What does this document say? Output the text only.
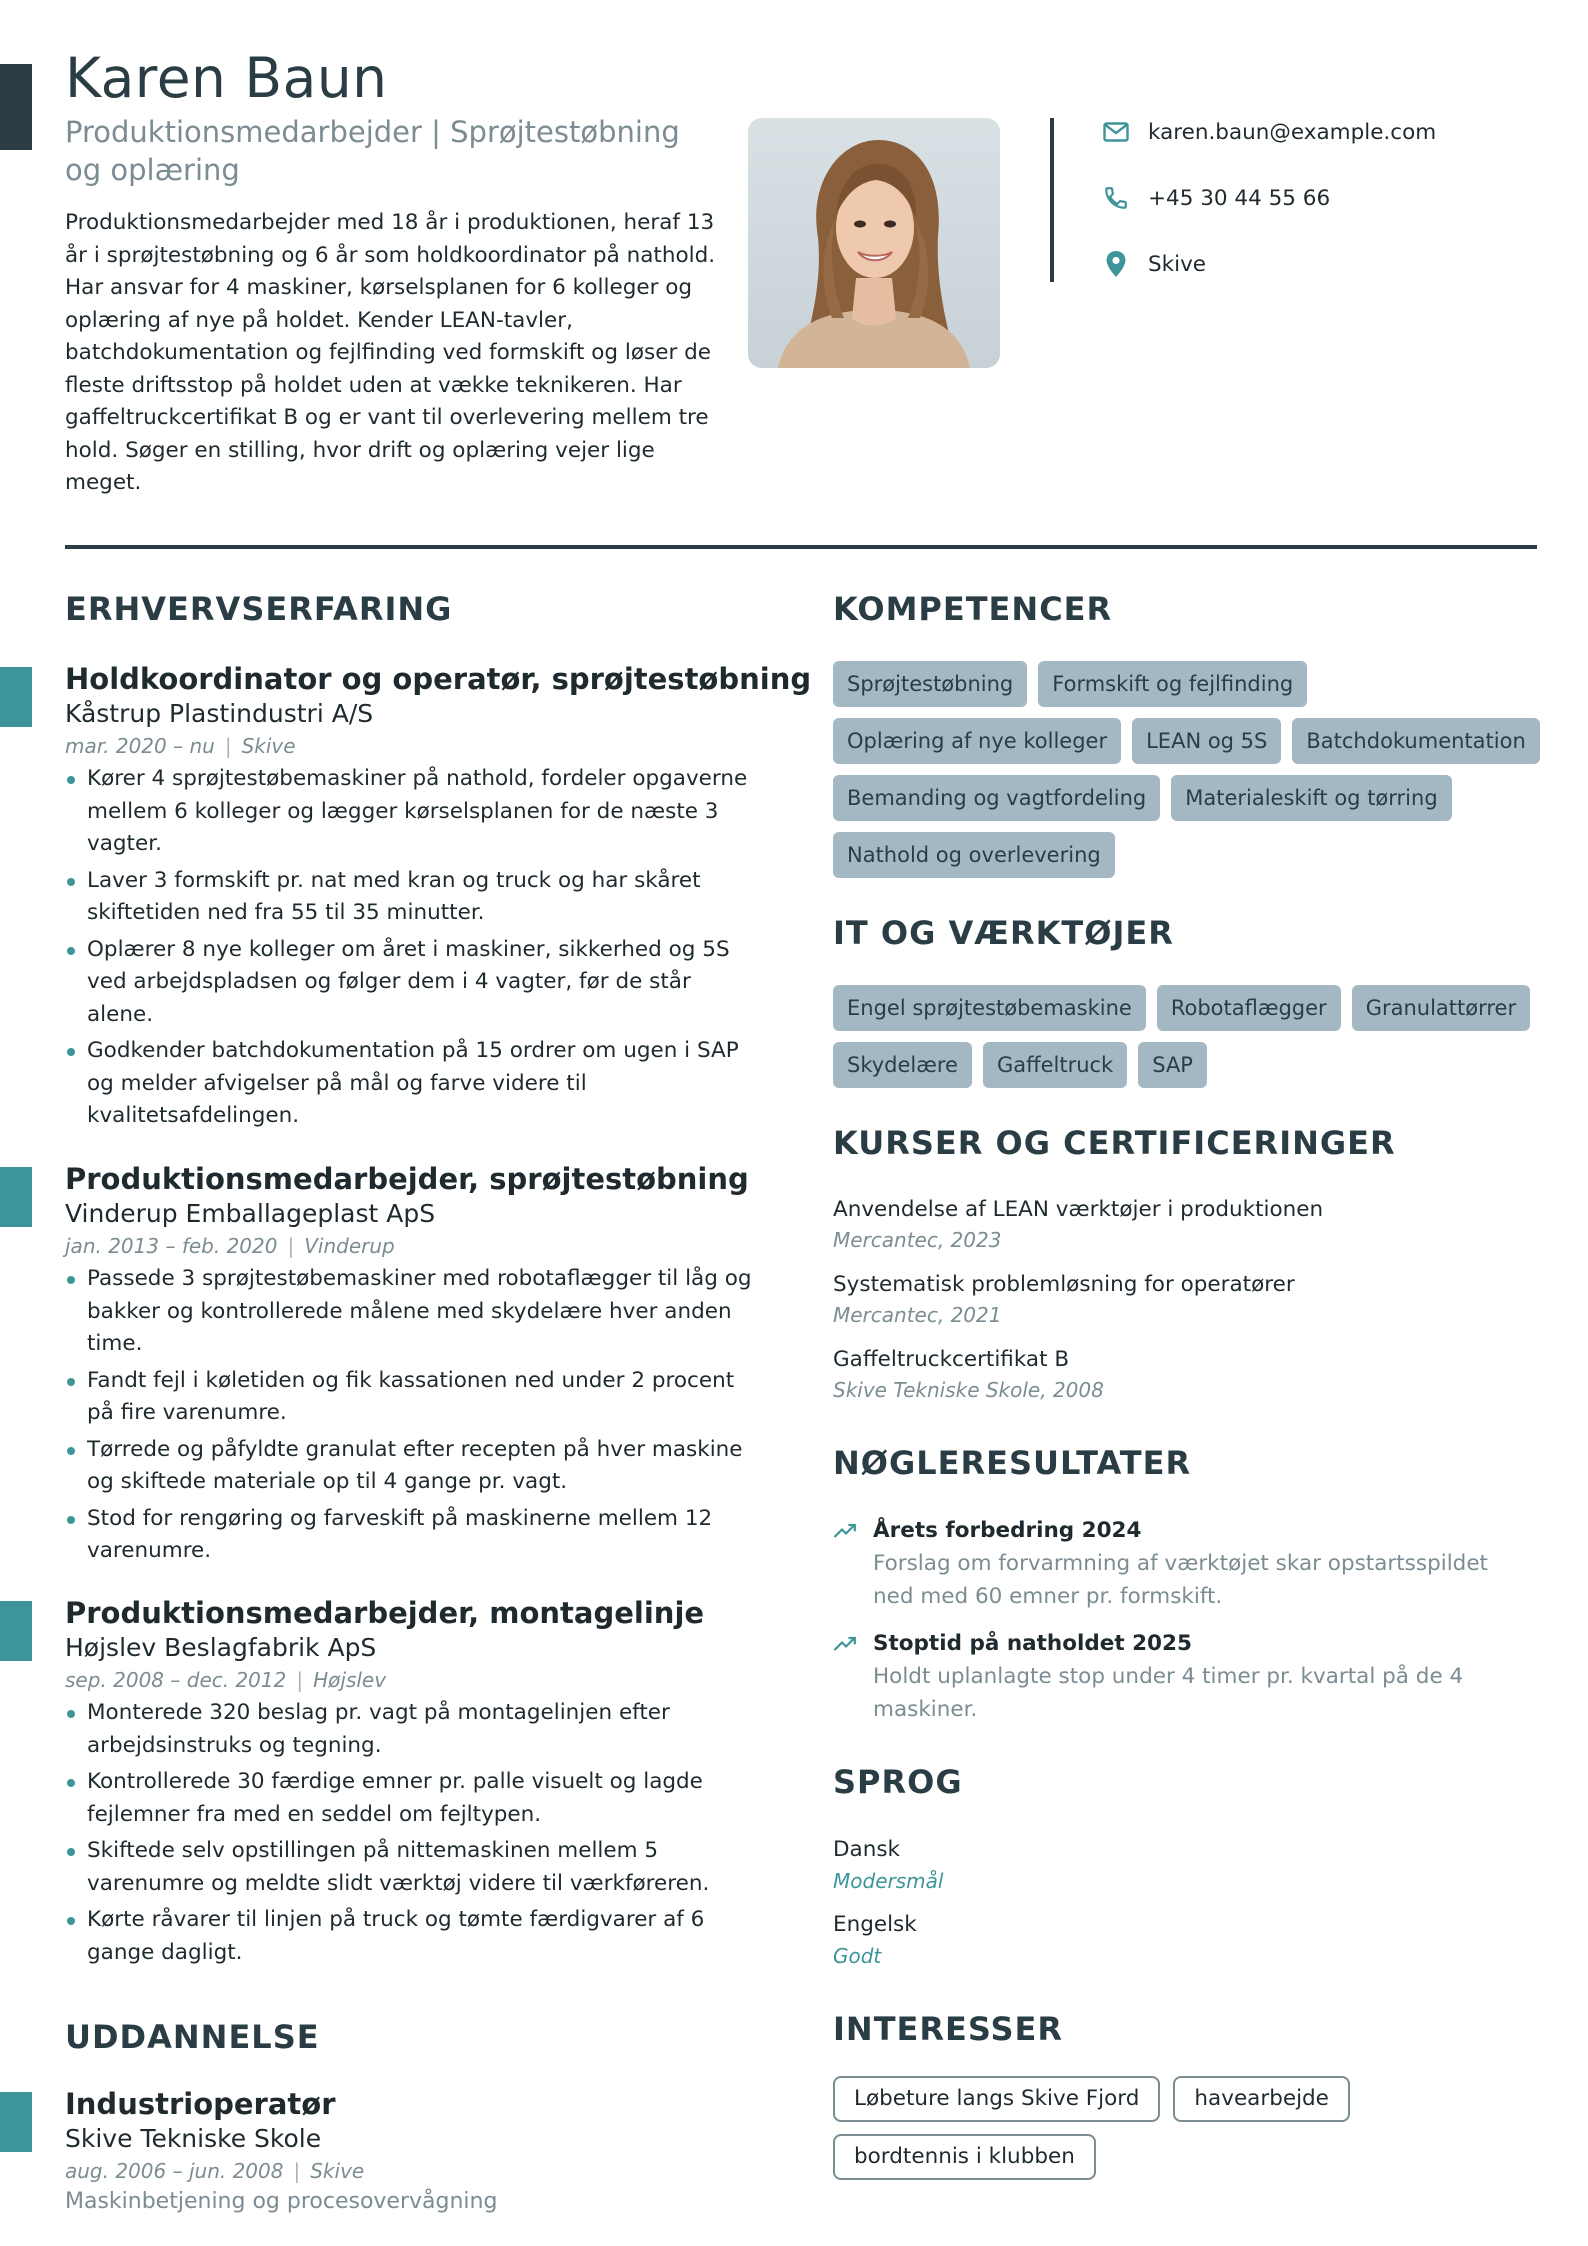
Karen Baun
Produktionsmedarbejder | Sprøjtestøbning og oplæring
Produktionsmedarbejder med 18 år i produktionen, heraf 13 år i sprøjtestøbning og 6 år som holdkoordinator på nathold. Har ansvar for 4 maskiner, kørselsplanen for 6 kolleger og oplæring af nye på holdet. Kender LEAN-tavler, batchdokumentation og fejlfinding ved formskift og løser de fleste driftsstop på holdet uden at vække teknikeren. Har gaffeltruckcertifikat B og er vant til overlevering mellem tre hold. Søger en stilling, hvor drift og oplæring vejer lige meget.
karen.baun@example.com
+45 30 44 55 66
Skive
ERHVERVSERFARING
Holdkoordinator og operatør, sprøjtestøbning
Kåstrup Plastindustri A/S
mar. 2020 – nu | Skive
Kører 4 sprøjtestøbemaskiner på nathold, fordeler opgaverne mellem 6 kolleger og lægger kørselsplanen for de næste 3 vagter.
Laver 3 formskift pr. nat med kran og truck og har skåret skiftetiden ned fra 55 til 35 minutter.
Oplærer 8 nye kolleger om året i maskiner, sikkerhed og 5S ved arbejdspladsen og følger dem i 4 vagter, før de står alene.
Godkender batchdokumentation på 15 ordrer om ugen i SAP og melder afvigelser på mål og farve videre til kvalitetsafdelingen.
Produktionsmedarbejder, sprøjtestøbning
Vinderup Emballageplast ApS
jan. 2013 – feb. 2020 | Vinderup
Passede 3 sprøjtestøbemaskiner med robotaflægger til låg og bakker og kontrollerede målene med skydelære hver anden time.
Fandt fejl i køletiden og fik kassationen ned under 2 procent på fire varenumre.
Tørrede og påfyldte granulat efter recepten på hver maskine og skiftede materiale op til 4 gange pr. vagt.
Stod for rengøring og farveskift på maskinerne mellem 12 varenumre.
Produktionsmedarbejder, montagelinje
Højslev Beslagfabrik ApS
sep. 2008 – dec. 2012 | Højslev
Monterede 320 beslag pr. vagt på montagelinjen efter arbejdsinstruks og tegning.
Kontrollerede 30 færdige emner pr. palle visuelt og lagde fejlemner fra med en seddel om fejltypen.
Skiftede selv opstillingen på nittemaskinen mellem 5 varenumre og meldte slidt værktøj videre til værkføreren.
Kørte råvarer til linjen på truck og tømte færdigvarer af 6 gange dagligt.
UDDANNELSE
Industrioperatør
Skive Tekniske Skole
aug. 2006 – jun. 2008 | Skive
Maskinbetjening og procesovervågning
KOMPETENCER
Sprøjtestøbning	Formskift og fejlfinding
Oplæring af nye kolleger	LEAN og 5S	Batchdokumentation
Bemanding og vagtfordeling	Materialeskift og tørring
Nathold og overlevering
IT OG VÆRKTØJER
Engel sprøjtestøbemaskine	Robotaflægger	Granulattørrer
Skydelære	Gaffeltruck	SAP
KURSER OG CERTIFICERINGER
Anvendelse af LEAN værktøjer i produktionen
Mercantec, 2023
Systematisk problemløsning for operatører
Mercantec, 2021
Gaffeltruckcertifikat B
Skive Tekniske Skole, 2008
NØGLERESULTATER
Årets forbedring 2024
Forslag om forvarmning af værktøjet skar opstartsspildet ned med 60 emner pr. formskift.
Stoptid på natholdet 2025
Holdt uplanlagte stop under 4 timer pr. kvartal på de 4 maskiner.
SPROG
Dansk
Modersmål
Engelsk
Godt
INTERESSER
Løbeture langs Skive Fjord	havearbejde
bordtennis i klubben
